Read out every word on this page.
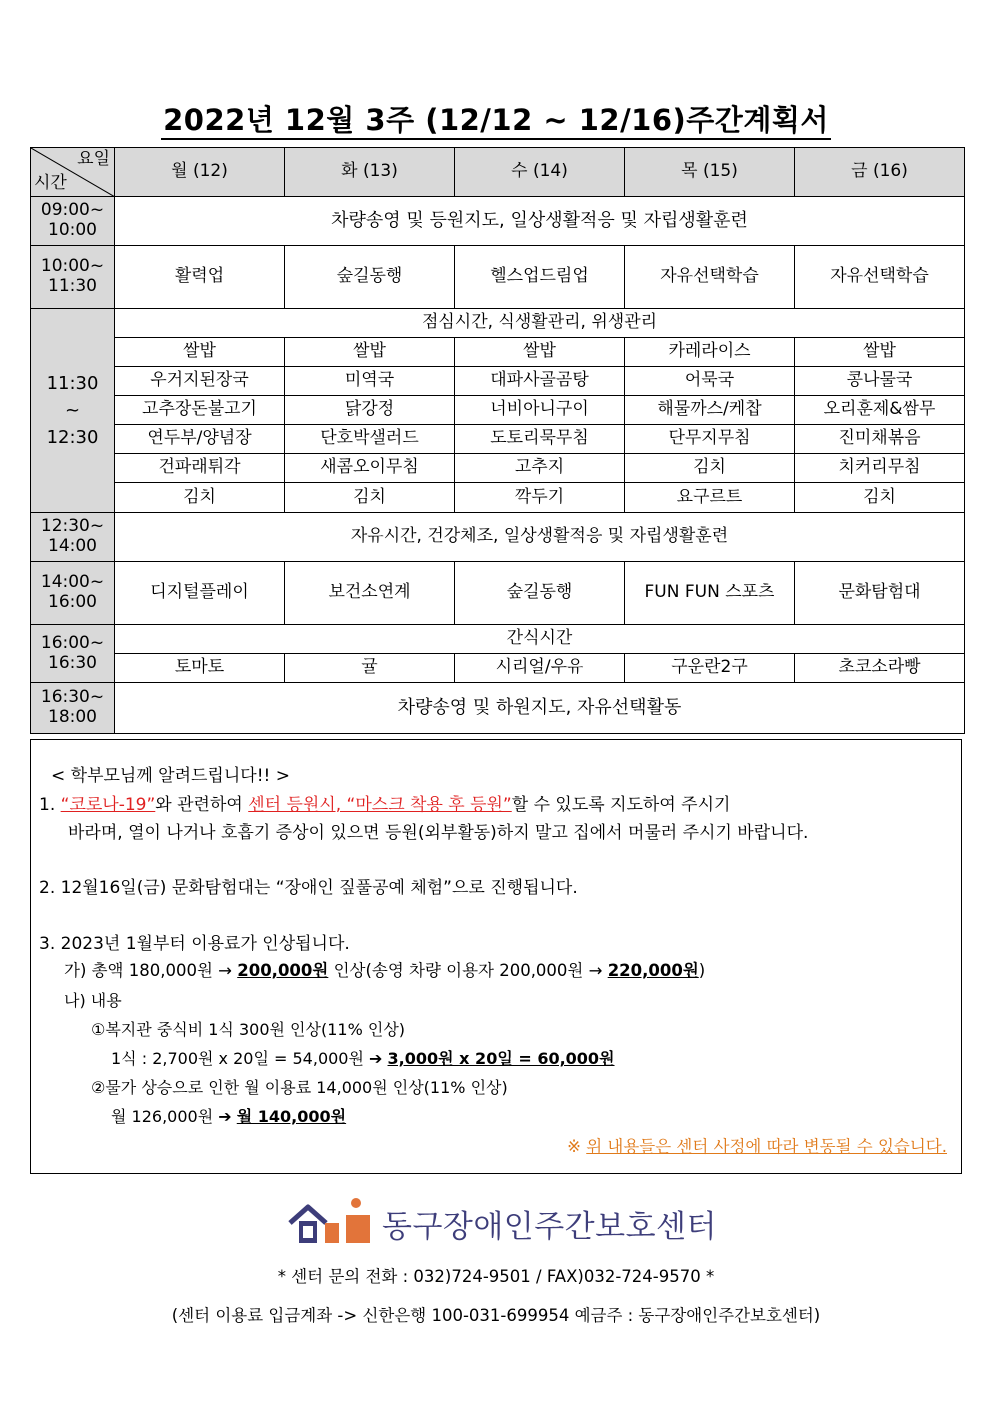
2022년 12월 3주 (12/12 ~ 12/16)주간계획서
요일
시간	월 (12)	화 (13)	수 (14)	목 (15)	금 (16)
09:00~
10:00	차량송영 및 등원지도, 일상생활적응 및 자립생활훈련				
10:00~
11:30	활력업	숲길동행	헬스업드림업	자유선택학습	자유선택학습
11:30
~
12:30	점심시간, 식생활관리, 위생관리				
	쌀밥	쌀밥	쌀밥	카레라이스	쌀밥
	우거지된장국	미역국	대파사골곰탕	어묵국	콩나물국
	고추장돈불고기	닭강정	너비아니구이	해물까스/케찹	오리훈제&쌈무
	연두부/양념장	단호박샐러드	도토리묵무침	단무지무침	진미채볶음
	건파래튀각	새콤오이무침	고추지	김치	치커리무침
	김치	김치	깍두기	요구르트	김치
12:30~
14:00	자유시간, 건강체조, 일상생활적응 및 자립생활훈련				
14:00~
16:00	디지털플레이	보건소연계	숲길동행	FUN FUN 스포츠	문화탐험대
16:00~
16:30	간식시간				
	토마토	귤	시리얼/우유	구운란2구	초코소라빵
16:30~
18:00	차량송영 및 하원지도, 자유선택활동				
< 학부모님께 알려드립니다!! >
1. “코로나-19”와 관련하여 센터 등원시, “마스크 착용 후 등원”할 수 있도록 지도하여 주시기
바라며, 열이 나거나 호흡기 증상이 있으면 등원(외부활동)하지 말고 집에서 머물러 주시기 바랍니다.
2. 12월16일(금) 문화탐험대는 “장애인 짚풀공예 체험”으로 진행됩니다.
3. 2023년 1월부터 이용료가 인상됩니다.
가) 총액 180,000원 → 200,000원 인상(송영 차량 이용자 200,000원 → 220,000원)
나) 내용
①복지관 중식비 1식 300원 인상(11% 인상)
1식 : 2,700원 x 20일 = 54,000원 ➔ 3,000원 x 20일 = 60,000원
②물가 상승으로 인한 월 이용료 14,000원 인상(11% 인상)
월 126,000원 ➔ 월 140,000원
※ 위 내용들은 센터 사정에 따라 변동될 수 있습니다.
동구장애인주간보호센터
* 센터 문의 전화 : 032)724-9501 / FAX)032-724-9570 *
(센터 이용료 입금계좌 -> 신한은행 100-031-699954 예금주 : 동구장애인주간보호센터)
